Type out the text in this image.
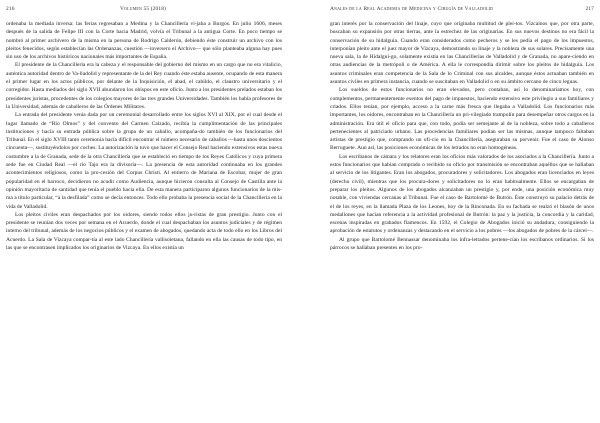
216	Volumen 55 (2018)

ordenaba la mediada inversa: las ferias regresaban a Medina y la Chancillería vi-jaba a Burgos. En julio 1606, meses después de la salida de Felipe III con la Corte hacia Madrid, volvía el Tribunal a la antigua Corte. En poco tiempo se nombró al primer archivero de la misma en la persona de Rodrigo Calderón, debiendo éste construir un archivo con los pleitos fenecidos, según establecían las Ordenanzas, cuestión —inversero el Archivo— que sólo planteaba alguna hay pues sin uso de los archivos históricos nacionales más importantes de España.

El presidente de la Chancillería era la cabeza y el responsable del gobierno del mismo en un cargo que no era vitalicio, auténtica autoridad dentro de Va-lladolid y representante de la del Rey cuando éste estaba ausente, ocupando de esta manera el primer lugar en los actos públicos, por delante de la Inquisición, el abad, el cabildo, el claustro universitario y el corregidor. Hasta mediados del siglo XVII abundaron los obispos en este oficio. Junto a los presidentes prelados estaban los presidentes juristas, procedentes de los colegios mayores de las tres grandes Universidades. También los había profesores de la Universidad, además de caballeros de las Órdenes Militares.

La entrada del presidente venía dada por un ceremonial desarrollado entre los siglos XVI al XIX, por el cual desde el lugar llamado de “Río Olmos” y del convento del Carmen Calzado, recibía la cumplimentación de las principales instituciones y hacía su entrada pública sobre la grupa de un caballo, acompaña-do también de los funcionarios del Tribunal. En el siglo XVIII tanto ceremonia hacía difícil encontrar el número necesario de caballos —hasta unos doscientos cincuenta—, sustituyéndolos por coches. La autorización la tuvo que hacer el Consejo Real haciendo extensivos estas nueva costumbre a la de Granada, sede de la otra Chancillería que se estableció en tiempo de los Reyes Católicos y cuya primera sede fue en Ciudad Real —el río Tajo era la divisoria—. La presencia de esta autoridad continuaba en los grandes acontecimientos religiosos, como la pro-cesión del Corpus Christi. Al entierro de Mariana de Escobar, mujer de gran popularidad en el barroco, decidieron no acudir como Audiencia, aunque hicieron consulta al Consejo de Castilla ante la opinión mayoritaria de santidad que tenía el pueblo hacia ella. De esta manera participaron algunos funcionarios de la mis-ma a título particular, “a la desfilada” como se decía entonces. Todo ello probaba la presencia social de la Chancillería en la vida de Valladolid.

Los pleitos civiles eran despachados por los oidores, siendo todos ellos ju-ristas de gran prestigio. Junto con el presidente se reunían dos veces por semana en el Acuerdo, donde el cual despachaban los asuntos judiciales y de régimen interno del tribunal, además de los negocios públicos y el examen de abogados, quedando acta de todo ello en los Libros del Acuerdo. La Sala de Vizcaya compar-tía al este lado Chancillería vallisoletana, fallando en ella las causas de todo tipo, en las que se encontrasen implicados los originarios de Vizcaya. En ellos existía un

Anales de la Real Academia de Medicina y Cirugía de Valladolid	217

gran interés por la conservación del linaje, cuyo que originaba multitud de plei-tos. Vizcaínos que, por otra parte, buscaban su expansión por otras tierras, ante la estrechez de las originarias. En sus nuevos destinos no era fácil la conservación de su hidalguía. Cuando eran considerados como pecheros y se les pedía el pago de los impuestos, interponían pleito ante el juez mayor de Vizcaya, demostrando su linaje y la nobleza de sus solares. Precisamente una nueva sala, la de Hidalguí-go, solamente existía en las Chancillerías de Valladolid y de Granada, no apare-ciendo en otras audiencias de la metrópoli o de América. A ella le correspondía dirimir sobre los pleitos de hidalguía. Los asuntos criminales eran competencia de la Sala de lo Criminal con sus alcaldes, aunque éstos actuaban también en asuntos civiles en primera instancia, cuando se suscitaban en Valladolid o en su ámbito cercano de cinco leguas.

Los sueldos de estos funcionarios no eran elevados, pero contaban, así lo denominaríamos hoy, con complementos, permanentemente exentos del pago de impuestos, haciendo extensivo este privilegio a sus familiares y criados. Ellos tenían, por ejemplo, acceso a la carne más fresca que llegaba a Valladolid. Los funcionarios más importantes, los oidores, encontraban en la Chancillería un pri-vilegiado trampolín para desempeñar otros cargos en la administración. Era útil el oficio para que, con todo, podía ser semejante al de la nobleza, sobre todo a caballeros pertenecientes al patriciado urbano. Las procedencias familiares podían ser las mismas, aunque tampoco faltaban artistas de prestigio que, comprando un ofi-cio en la Chancillería, aseguraban su porvenir. Fue el caso de Alonso Berruguete. Aun así, las posiciones económicas de los letrados no eran homogéneas.

Los escribanos de cámara y los relatores eran los oficios más valorados de los asociados a la Chancillería. Junto a estos funcionarios que habían comprado o recibido su oficio por transmisión se encontraban aquéllos que se hallaban al servicio de los litigantes. Eran los abogados, procuradores y solicitadores. Los abogados eran licenciados en leyes (derecho civil), mientras que los procura-dores y solicitadores no lo eran habitualmente. Ellos se encargaban de preparar los pleitos. Algunos de los abogados alcanzaban un prestigio y, por ende, una posición económica muy notable, con viviendas cercanas al Tribunal. Fue el caso de Bartolomé de Butrón. Éste construyó su palacio detrás de el de los reyes, en la llamada Plaza de los Leones, hoy de la Rinconada. En su fachada se realzó el blasón de unos medallones que hacían referencia a la actividad profesional de Butrón: la paz y la justicia, la concordia y la caridad, escenas inspiradas en grabados flamencos. En 1592, el Colegio de Abogados inició su andadura, consiguiendo la aprobación de estatutos y ordenanzas y destacando en el servicio a los pobres —los abogados de pobres de la cárcel—.

Al grupo que Bartolomé Bennassar denominaba los infra-letrados pertene-cían los escribanos ordinarios. Si los párrocos se hallaban presentes en los pro-
